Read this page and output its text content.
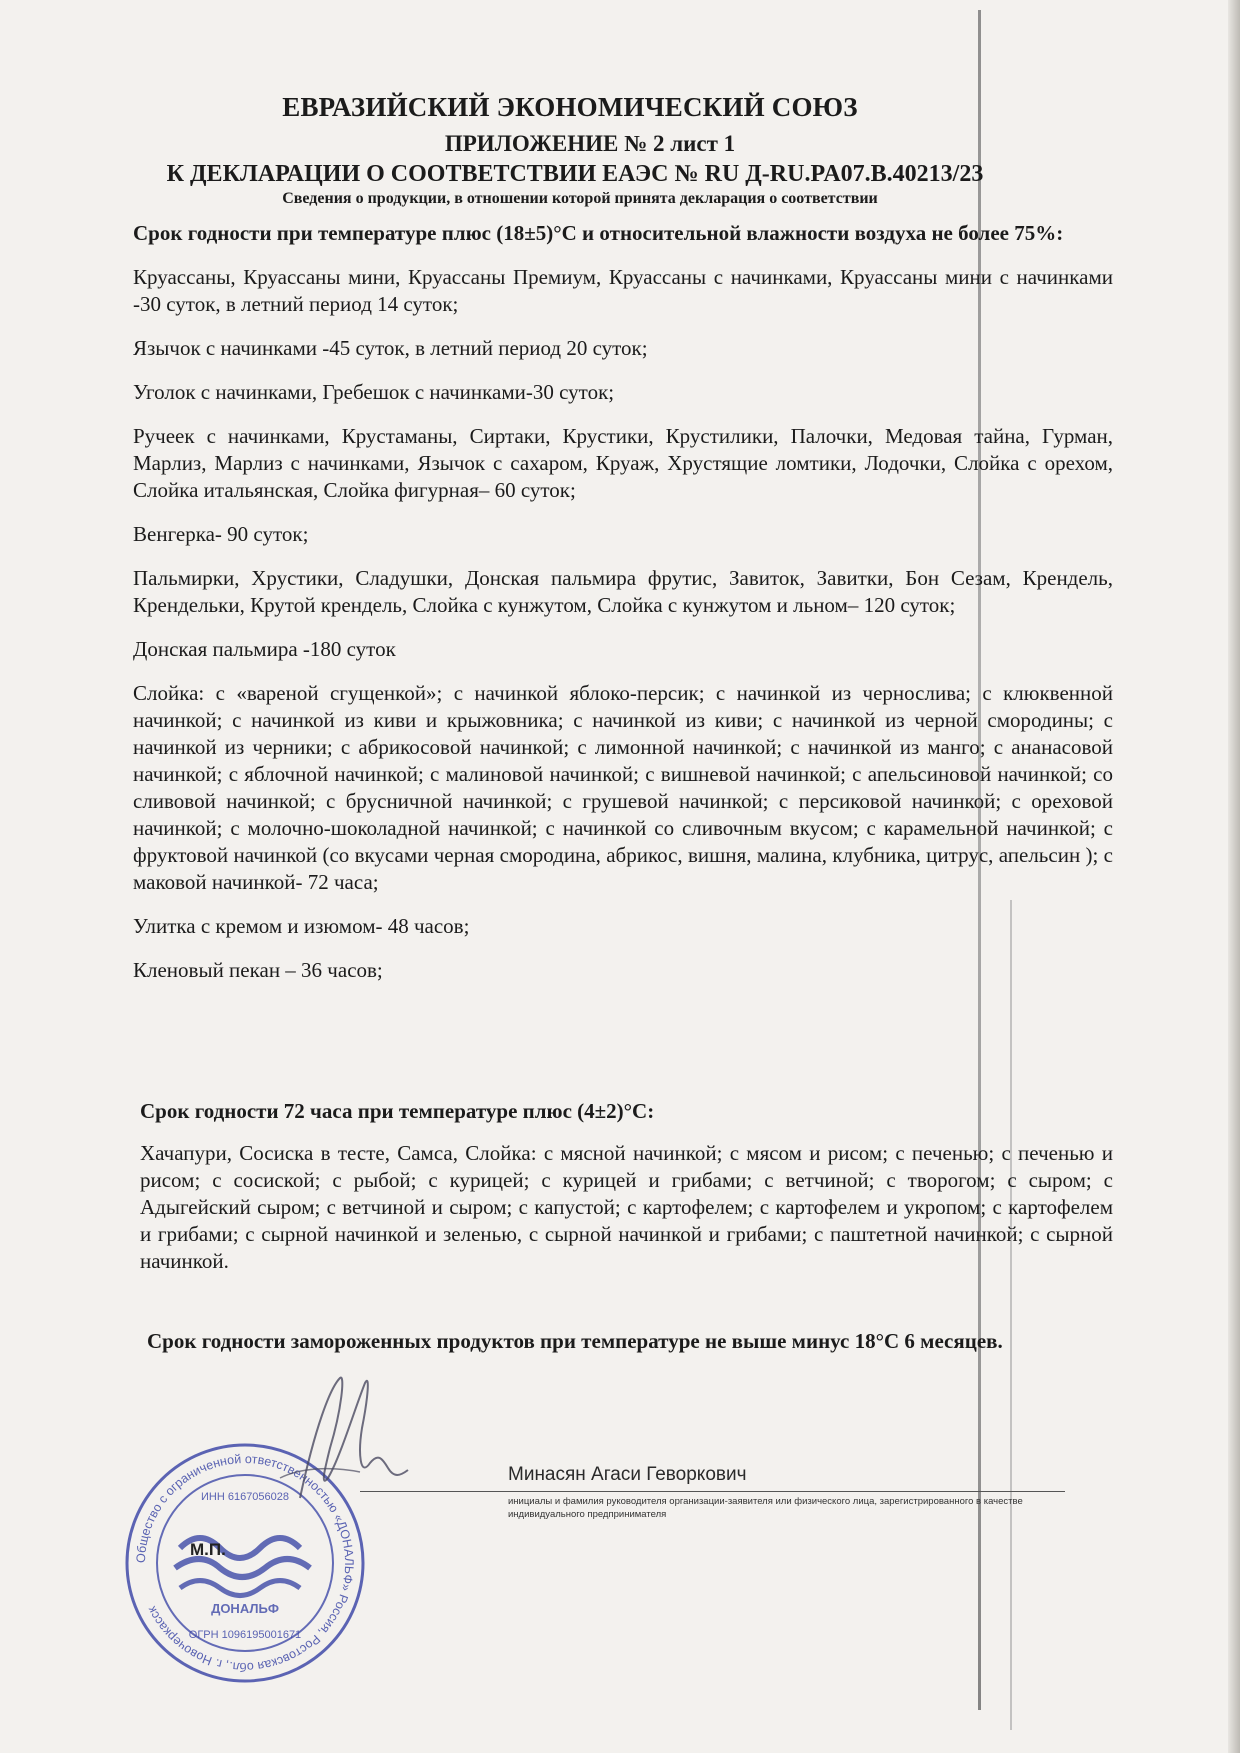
ЕВРАЗИЙСКИЙ ЭКОНОМИЧЕСКИЙ СОЮЗ
ПРИЛОЖЕНИЕ № 2 лист 1
К ДЕКЛАРАЦИИ О СООТВЕТСТВИИ ЕАЭС № RU Д-RU.PA07.B.40213/23
Сведения о продукции, в отношении которой принята декларация о соответствии

Срок годности при температуре плюс (18±5)°С и относительной влажности воздуха не более 75%:

Круассаны, Круассаны мини, Круассаны Премиум, Круассаны с начинками, Круассаны мини с начинками -30 суток, в летний период 14 суток;

Язычок с начинками -45 суток, в летний период 20 суток;

Уголок с начинками, Гребешок с начинками-30 суток;

Ручеек с начинками, Крустаманы, Сиртаки, Крустики, Крустилики, Палочки, Медовая тайна, Гурман, Марлиз, Марлиз с начинками, Язычок с сахаром, Круаж, Хрустящие ломтики, Лодочки, Слойка с орехом, Слойка итальянская, Слойка фигурная– 60 суток;

Венгерка- 90 суток;

Пальмирки, Хрустики, Сладушки, Донская пальмира фрутис, Завиток, Завитки, Бон Сезам, Крендель, Крендельки, Крутой крендель, Слойка с кунжутом, Слойка с кунжутом и льном– 120 суток;

Донская пальмира -180 суток

Слойка: с «вареной сгущенкой»; с начинкой яблоко-персик; с начинкой из чернослива; с клюквенной начинкой; с начинкой из киви и крыжовника; с начинкой из киви; с начинкой из черной смородины; с начинкой из черники; с абрикосовой начинкой; с лимонной начинкой; с начинкой из манго; с ананасовой начинкой; с яблочной начинкой; с малиновой начинкой; с вишневой начинкой; с апельсиновой начинкой; со сливовой начинкой; с брусничной начинкой; с грушевой начинкой; с персиковой начинкой; с ореховой начинкой; с молочно-шоколадной начинкой; с начинкой со сливочным вкусом; с карамельной начинкой; с фруктовой начинкой (со вкусами черная смородина, абрикос, вишня, малина, клубника, цитрус, апельсин ); с маковой начинкой- 72 часа;

Улитка с кремом и изюмом- 48 часов;

Кленовый пекан – 36 часов;

Срок годности 72 часа при температуре плюс (4±2)°С:

Хачапури, Сосиска в тесте, Самса, Слойка: с мясной начинкой; с мясом и рисом; с печенью; с печенью и рисом; с сосиской; с рыбой; с курицей; с курицей и грибами; с ветчиной; с творогом; с сыром; с Адыгейский сыром; с ветчиной и сыром; с капустой; с картофелем; с картофелем и укропом; с картофелем и грибами; с сырной начинкой и зеленью, с сырной начинкой и грибами; с паштетной начинкой; с сырной начинкой.

Срок годности замороженных продуктов при температуре не выше минус 18°С 6 месяцев.
Общество с ограниченной ответственностью «ДОНАЛЬФ» Россия, Ростовская обл., г. Новочеркасск
ИНН 6167056028
ОГРН 1096195001671
ДОНАЛЬФ
Минасян Агаси Геворкович
инициалы и фамилия руководителя организации-заявителя или физического лица, зарегистрированного в качестве индивидуального предпринимателя
М.П.
